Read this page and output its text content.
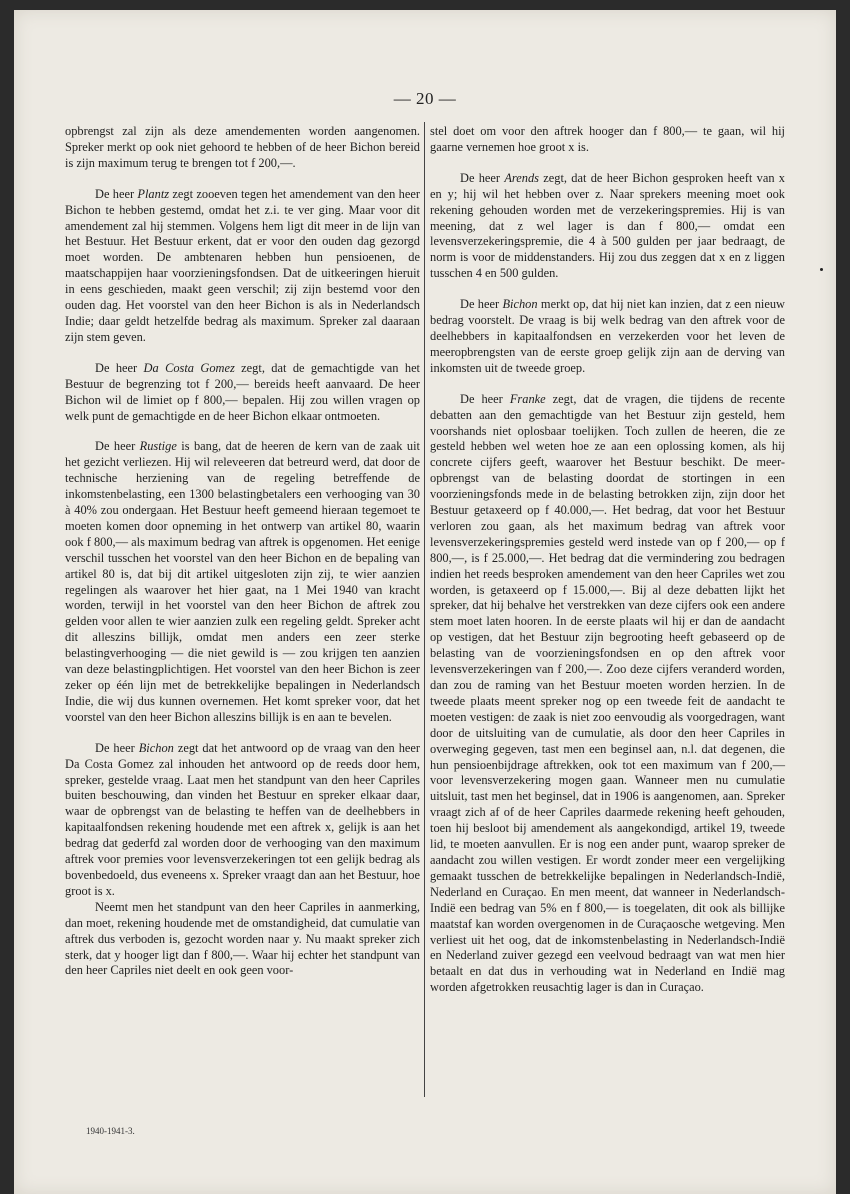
— 20 —

opbrengst zal zijn als deze amendementen worden aangenomen. Spreker merkt op ook niet gehoord te hebben of de heer Bichon bereid is zijn maximum terug te brengen tot f 200,—.

De heer Plantz zegt zooeven tegen het amendement van den heer Bichon te hebben gestemd, omdat het z.i. te ver ging. Maar voor dit amendement zal hij stemmen. Volgens hem ligt dit meer in de lijn van het Bestuur. Het Bestuur erkent, dat er voor den ouden dag gezorgd moet worden. De ambtenaren hebben hun pensioenen, de maatschappijen haar voorzieningsfondsen. Dat de uitkeeringen hieruit in eens geschieden, maakt geen verschil; zij zijn bestemd voor den ouden dag. Het voorstel van den heer Bichon is als in Nederlandsch Indie; daar geldt hetzelfde bedrag als maximum. Spreker zal daaraan zijn stem geven.

De heer Da Costa Gomez zegt, dat de gemachtigde van het Bestuur de begrenzing tot f 200,— bereids heeft aanvaard. De heer Bichon wil de limiet op f 800,— bepalen. Hij zou willen vragen op welk punt de gemachtigde en de heer Bichon elkaar ontmoeten.

De heer Rustige is bang, dat de heeren de kern van de zaak uit het gezicht verliezen. Hij wil releveeren dat betreurd werd, dat door de technische herziening van de regeling betreffende de inkomstenbelasting, een 1300 belastingbetalers een verhooging van 30 à 40% zou ondergaan. Het Bestuur heeft gemeend hieraan tegemoet te moeten komen door opneming in het ontwerp van artikel 80, waarin ook f 800,— als maximum bedrag van aftrek is opgenomen. Het eenige verschil tusschen het voorstel van den heer Bichon en de bepaling van artikel 80 is, dat bij dit artikel uitgesloten zijn zij, te wier aanzien regelingen als waarover het hier gaat, na 1 Mei 1940 van kracht worden, terwijl in het voorstel van den heer Bichon de aftrek zou gelden voor allen te wier aanzien zulk een regeling geldt. Spreker acht dit alleszins billijk, omdat men anders een zeer sterke belastingverhooging — die niet gewild is — zou krijgen ten aanzien van deze belastingplichtigen. Het voorstel van den heer Bichon is zeer zeker op één lijn met de betrekkelijke bepalingen in Nederlandsch Indie, die wij dus kunnen overnemen. Het komt spreker voor, dat het voorstel van den heer Bichon alleszins billijk is en aan te bevelen.

De heer Bichon zegt dat het antwoord op de vraag van den heer Da Costa Gomez zal inhouden het antwoord op de reeds door hem, spreker, gestelde vraag. Laat men het standpunt van den heer Capriles buiten beschouwing, dan vinden het Bestuur en spreker elkaar daar, waar de opbrengst van de belasting te heffen van de deelhebbers in kapitaalfondsen rekening houdende met een aftrek x, gelijk is aan het bedrag dat gederfd zal worden door de verhooging van den maximum aftrek voor premies voor levensverzekeringen tot een gelijk bedrag als bovenbedoeld, dus eveneens x. Spreker vraagt dan aan het Bestuur, hoe groot is x.

Neemt men het standpunt van den heer Capriles in aanmerking, dan moet, rekening houdende met de omstandigheid, dat cumulatie van aftrek dus verboden is, gezocht worden naar y. Nu maakt spreker zich sterk, dat y hooger ligt dan f 800,—. Waar hij echter het standpunt van den heer Capriles niet deelt en ook geen voor-

stel doet om voor den aftrek hooger dan f 800,— te gaan, wil hij gaarne vernemen hoe groot x is.

De heer Arends zegt, dat de heer Bichon gesproken heeft van x en y; hij wil het hebben over z. Naar sprekers meening moet ook rekening gehouden worden met de verzekeringspremies. Hij is van meening, dat z wel lager is dan f 800,— omdat een levensverzekeringspremie, die 4 à 500 gulden per jaar bedraagt, de norm is voor de middenstanders. Hij zou dus zeggen dat x en z liggen tusschen 4 en 500 gulden.

De heer Bichon merkt op, dat hij niet kan inzien, dat z een nieuw bedrag voorstelt. De vraag is bij welk bedrag van den aftrek voor de deelhebbers in kapitaalfondsen en verzekerden voor het leven de meeropbrengsten van de eerste groep gelijk zijn aan de derving van inkomsten uit de tweede groep.

De heer Franke zegt, dat de vragen, die tijdens de recente debatten aan den gemachtigde van het Bestuur zijn gesteld, hem voorshands niet oplosbaar toelijken. Toch zullen de heeren, die ze gesteld hebben wel weten hoe ze aan een oplossing komen, als hij concrete cijfers geeft, waarover het Bestuur beschikt. De meer-opbrengst van de belasting doordat de stortingen in een voorzieningsfonds mede in de belasting betrokken zijn, zijn door het Bestuur getaxeerd op f 40.000,—. Het bedrag, dat voor het Bestuur verloren zou gaan, als het maximum bedrag van aftrek voor levensverzekeringspremies gesteld werd instede van op f 200,— op f 800,—, is f 25.000,—. Het bedrag dat die vermindering zou bedragen indien het reeds besproken amendement van den heer Capriles wet zou worden, is getaxeerd op f 15.000,—. Bij al deze debatten lijkt het spreker, dat hij behalve het verstrekken van deze cijfers ook een andere stem moet laten hooren. In de eerste plaats wil hij er dan de aandacht op vestigen, dat het Bestuur zijn begrooting heeft gebaseerd op de belasting van de voorzieningsfondsen en op den aftrek voor levensverzekeringen van f 200,—. Zoo deze cijfers veranderd worden, dan zou de raming van het Bestuur moeten worden herzien. In de tweede plaats meent spreker nog op een tweede feit de aandacht te moeten vestigen: de zaak is niet zoo eenvoudig als voorgedragen, want door de uitsluiting van de cumulatie, als door den heer Capriles in overweging gegeven, tast men een beginsel aan, n.l. dat degenen, die hun pensioenbijdrage aftrekken, ook tot een maximum van f 200,— voor levensverzekering mogen gaan. Wanneer men nu cumulatie uitsluit, tast men het beginsel, dat in 1906 is aangenomen, aan. Spreker vraagt zich af of de heer Capriles daarmede rekening heeft gehouden, toen hij besloot bij amendement als aangekondigd, artikel 19, tweede lid, te moeten aanvullen. Er is nog een ander punt, waarop spreker de aandacht zou willen vestigen. Er wordt zonder meer een vergelijking gemaakt tusschen de betrekkelijke bepalingen in Nederlandsch-Indië, Nederland en Curaçao. En men meent, dat wanneer in Nederlandsch-Indië een bedrag van 5% en f 800,— is toegelaten, dit ook als billijke maatstaf kan worden overgenomen in de Curaçaosche wetgeving. Men verliest uit het oog, dat de inkomstenbelasting in Nederlandsch-Indië en Nederland zuiver gezegd een veelvoud bedraagt van wat men hier betaalt en dat dus in verhouding wat in Nederland en Indië mag worden afgetrokken reusachtig lager is dan in Curaçao.

1940-1941-3.
